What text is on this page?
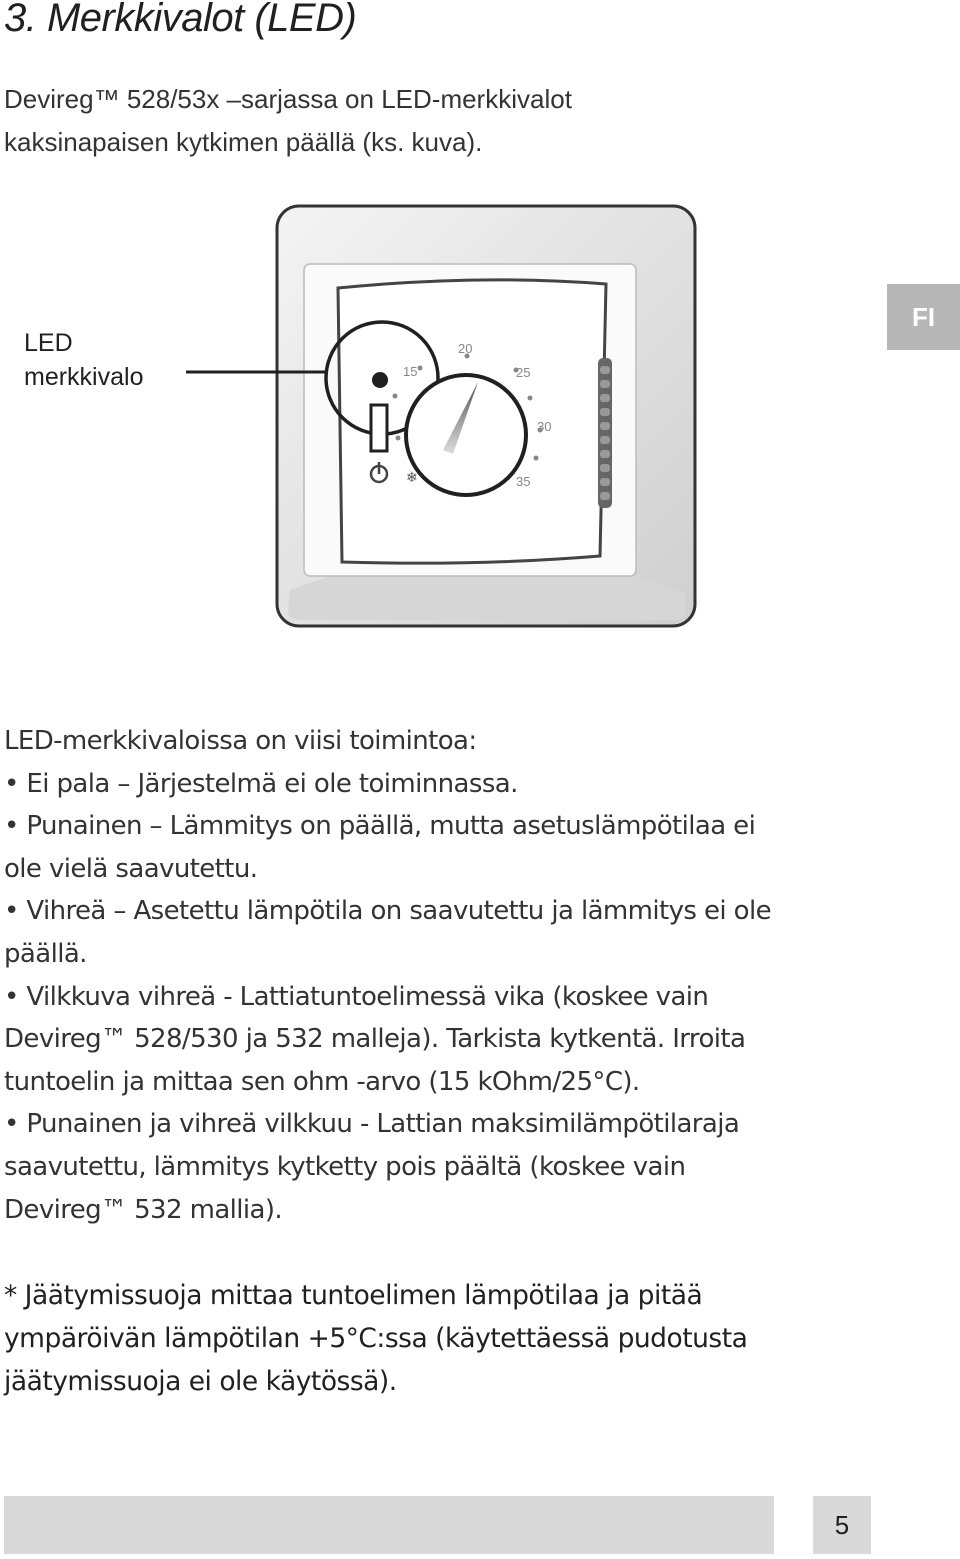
3. Merkkivalot (LED)
Devireg™ 528/53x –sarjassa on LED-merkkivalot
kaksinapaisen kytkimen päällä (ks. kuva).
FI
LED
merkkivalo
❄
15
20
25
30
35
LED-merkkivaloissa on viisi toimintoa:
• Ei pala – Järjestelmä ei ole toiminnassa.
• Punainen – Lämmitys on päällä, mutta asetuslämpötilaa ei
ole vielä saavutettu.
• Vihreä – Asetettu lämpötila on saavutettu ja lämmitys ei ole
päällä.
• Vilkkuva vihreä - Lattiatuntoelimessä vika (koskee vain
Devireg™ 528/530 ja 532 malleja). Tarkista kytkentä. Irroita
tuntoelin ja mittaa sen ohm -arvo (15 kOhm/25°C).
• Punainen ja vihreä vilkkuu - Lattian maksimilämpötilaraja
saavutettu, lämmitys kytketty pois päältä (koskee vain
Devireg™ 532 mallia).
* Jäätymissuoja mittaa tuntoelimen lämpötilaa ja pitää
ympäröivän lämpötilan +5°C:ssa (käytettäessä pudotusta
jäätymissuoja ei ole käytössä).
5
